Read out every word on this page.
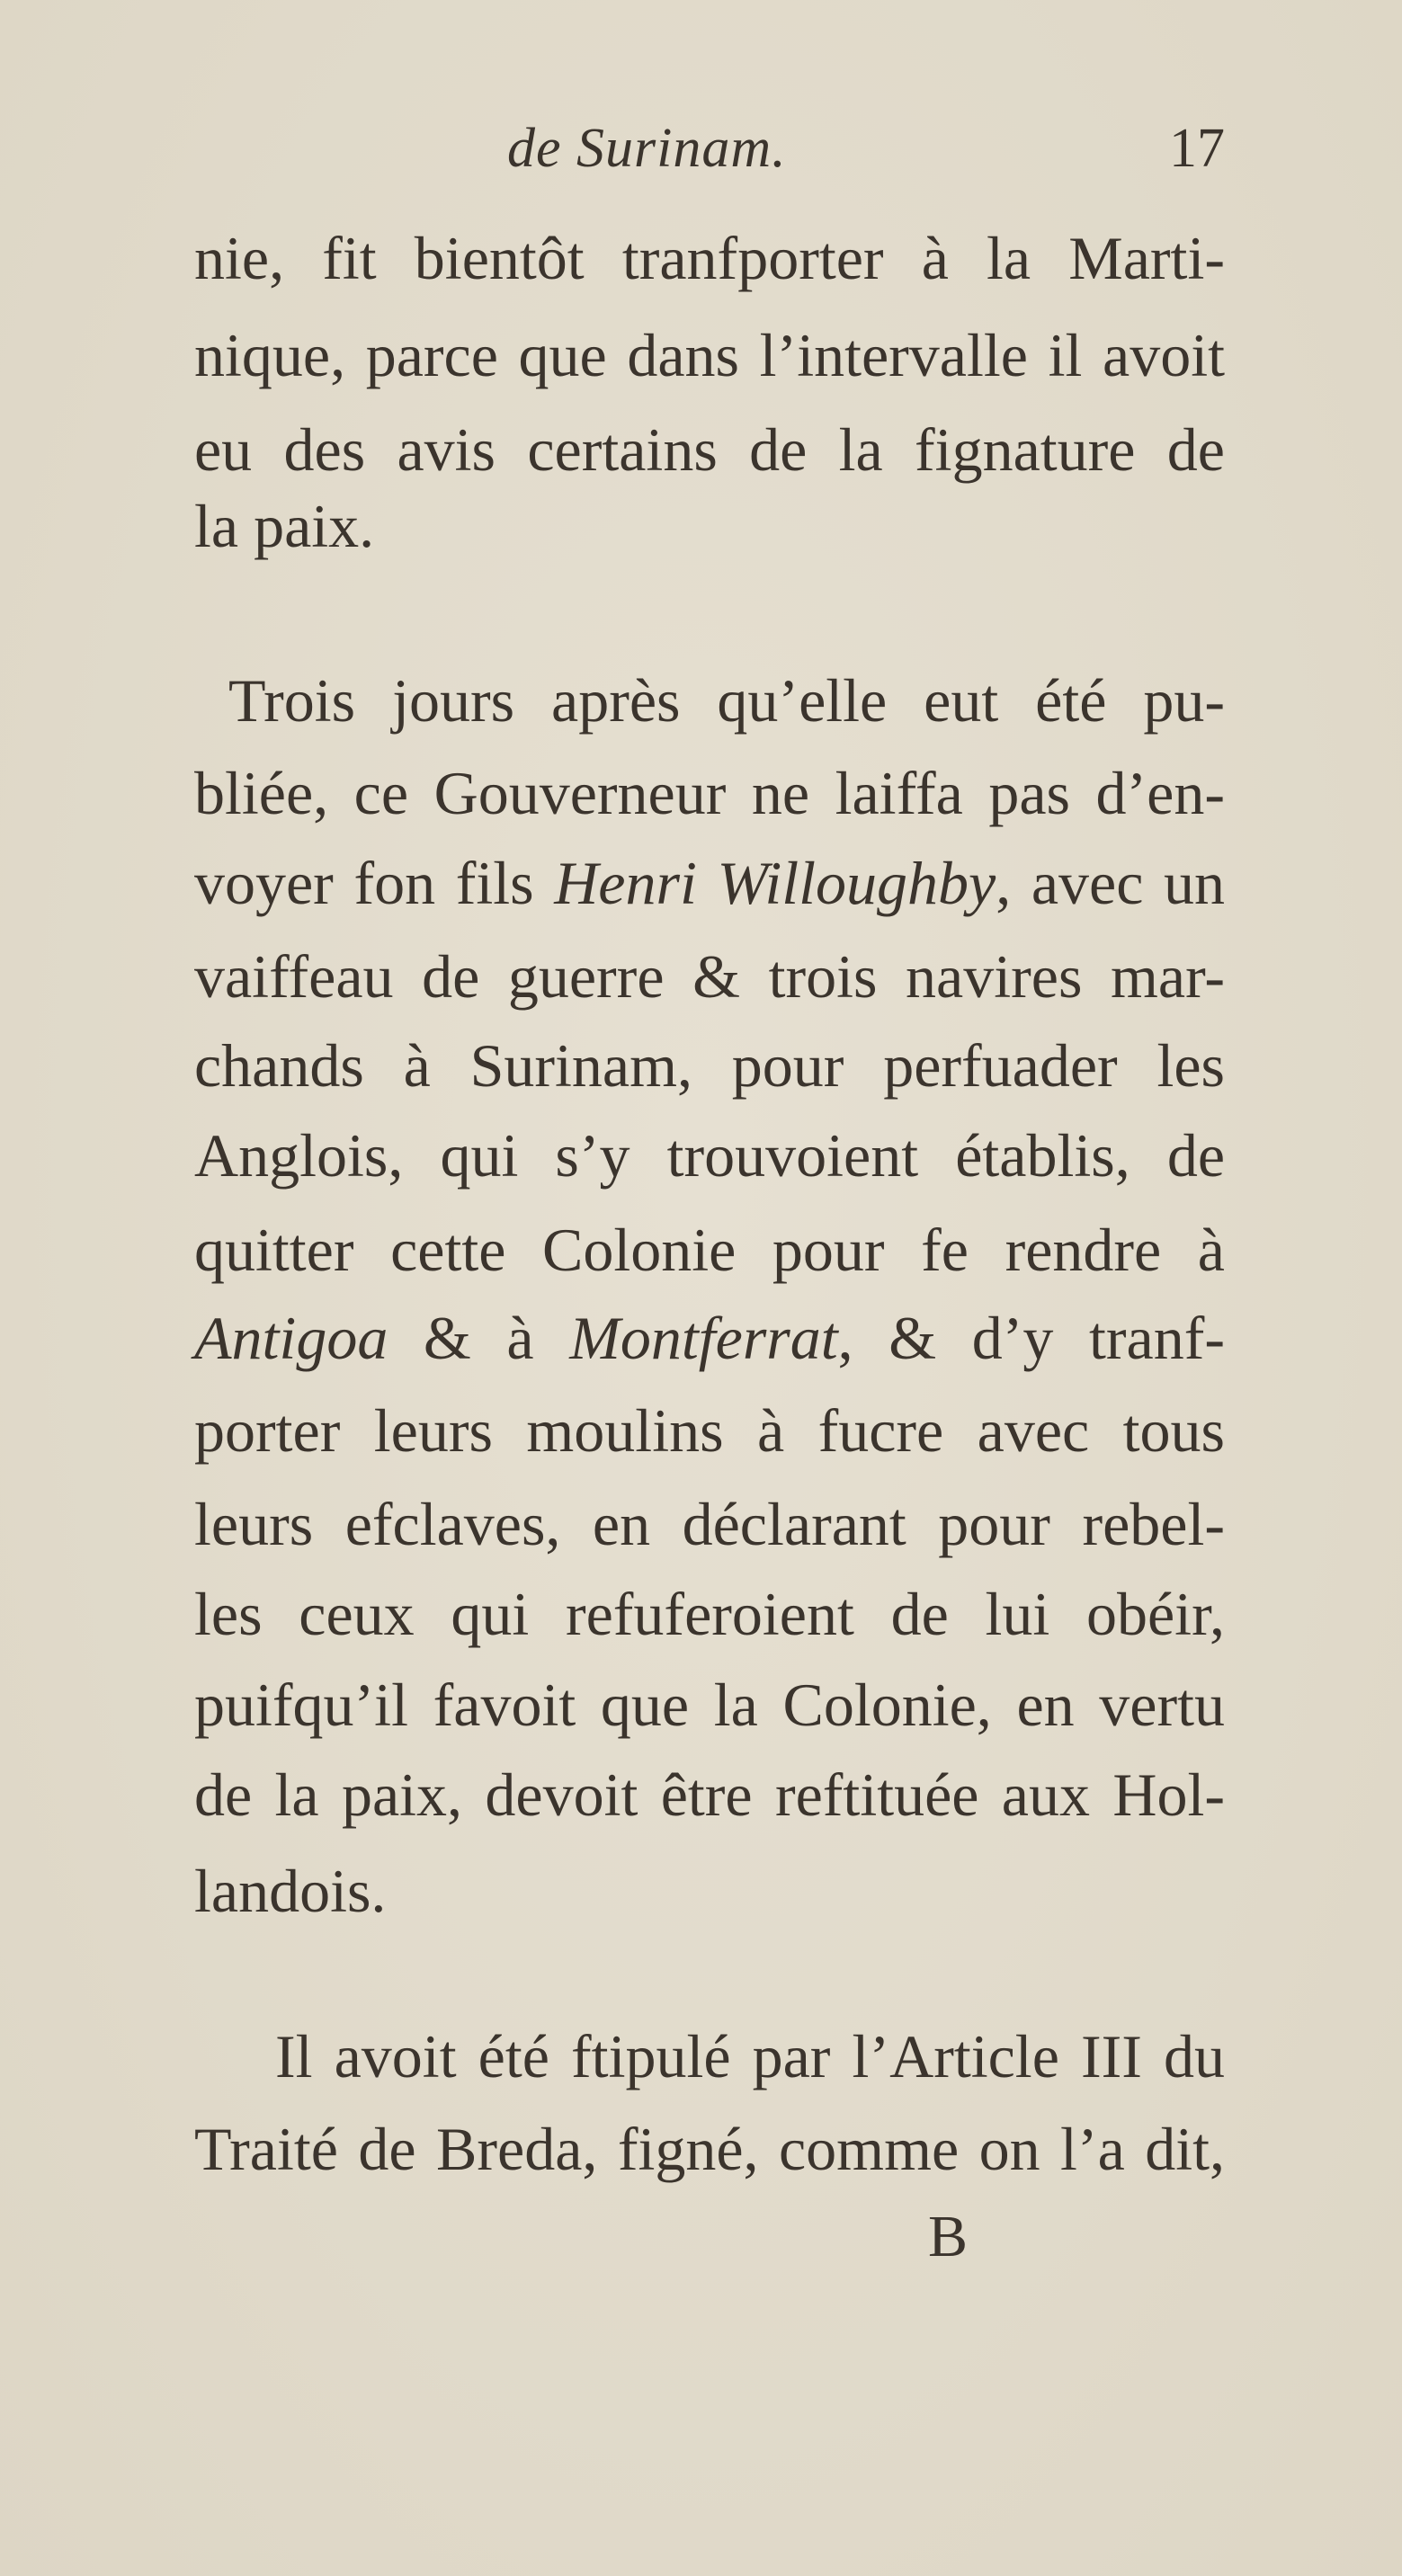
de Surinam.	17
nie, fit bientôt tranfporter à la Marti-
nique, parce que dans l’intervalle il avoit
eu des avis certains de la fignature de
la paix.
Trois jours après qu’elle eut été pu-
bliée, ce Gouverneur ne laiffa pas d’en-
voyer fon fils Henri Willoughby, avec un
vaiffeau de guerre & trois navires mar-
chands à Surinam, pour perfuader les
Anglois, qui s’y trouvoient établis, de
quitter cette Colonie pour fe rendre à
Antigoa & à Montferrat, & d’y tranf-
porter leurs moulins à fucre avec tous
leurs efclaves, en déclarant pour rebel-
les ceux qui refuferoient de lui obéir,
puifqu’il favoit que la Colonie, en vertu
de la paix, devoit être reftituée aux Hol-
landois.
Il avoit été ftipulé par l’Article III du
Traité de Breda, figné, comme on l’a dit,
B
